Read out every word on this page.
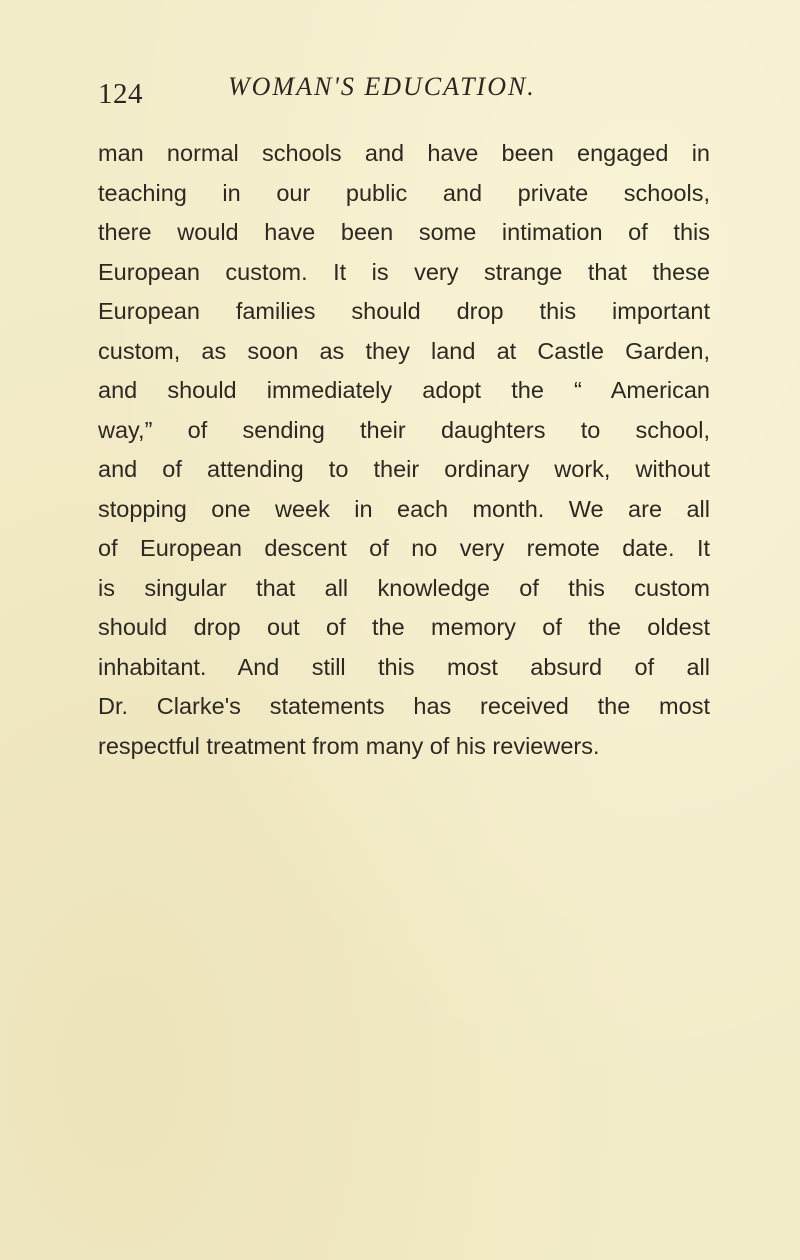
124	WOMAN'S EDUCATION.
man normal schools and have been engaged in
teaching in our public and private schools,
there would have been some intimation of this
European custom. It is very strange that these
European families should drop this important
custom, as soon as they land at Castle Garden,
and should immediately adopt the “ American
way,” of sending their daughters to school,
and of attending to their ordinary work, without
stopping one week in each month. We are all
of European descent of no very remote date. It
is singular that all knowledge of this custom
should drop out of the memory of the oldest
inhabitant. And still this most absurd of all
Dr. Clarke's statements has received the most
respectful treatment from many of his reviewers.
